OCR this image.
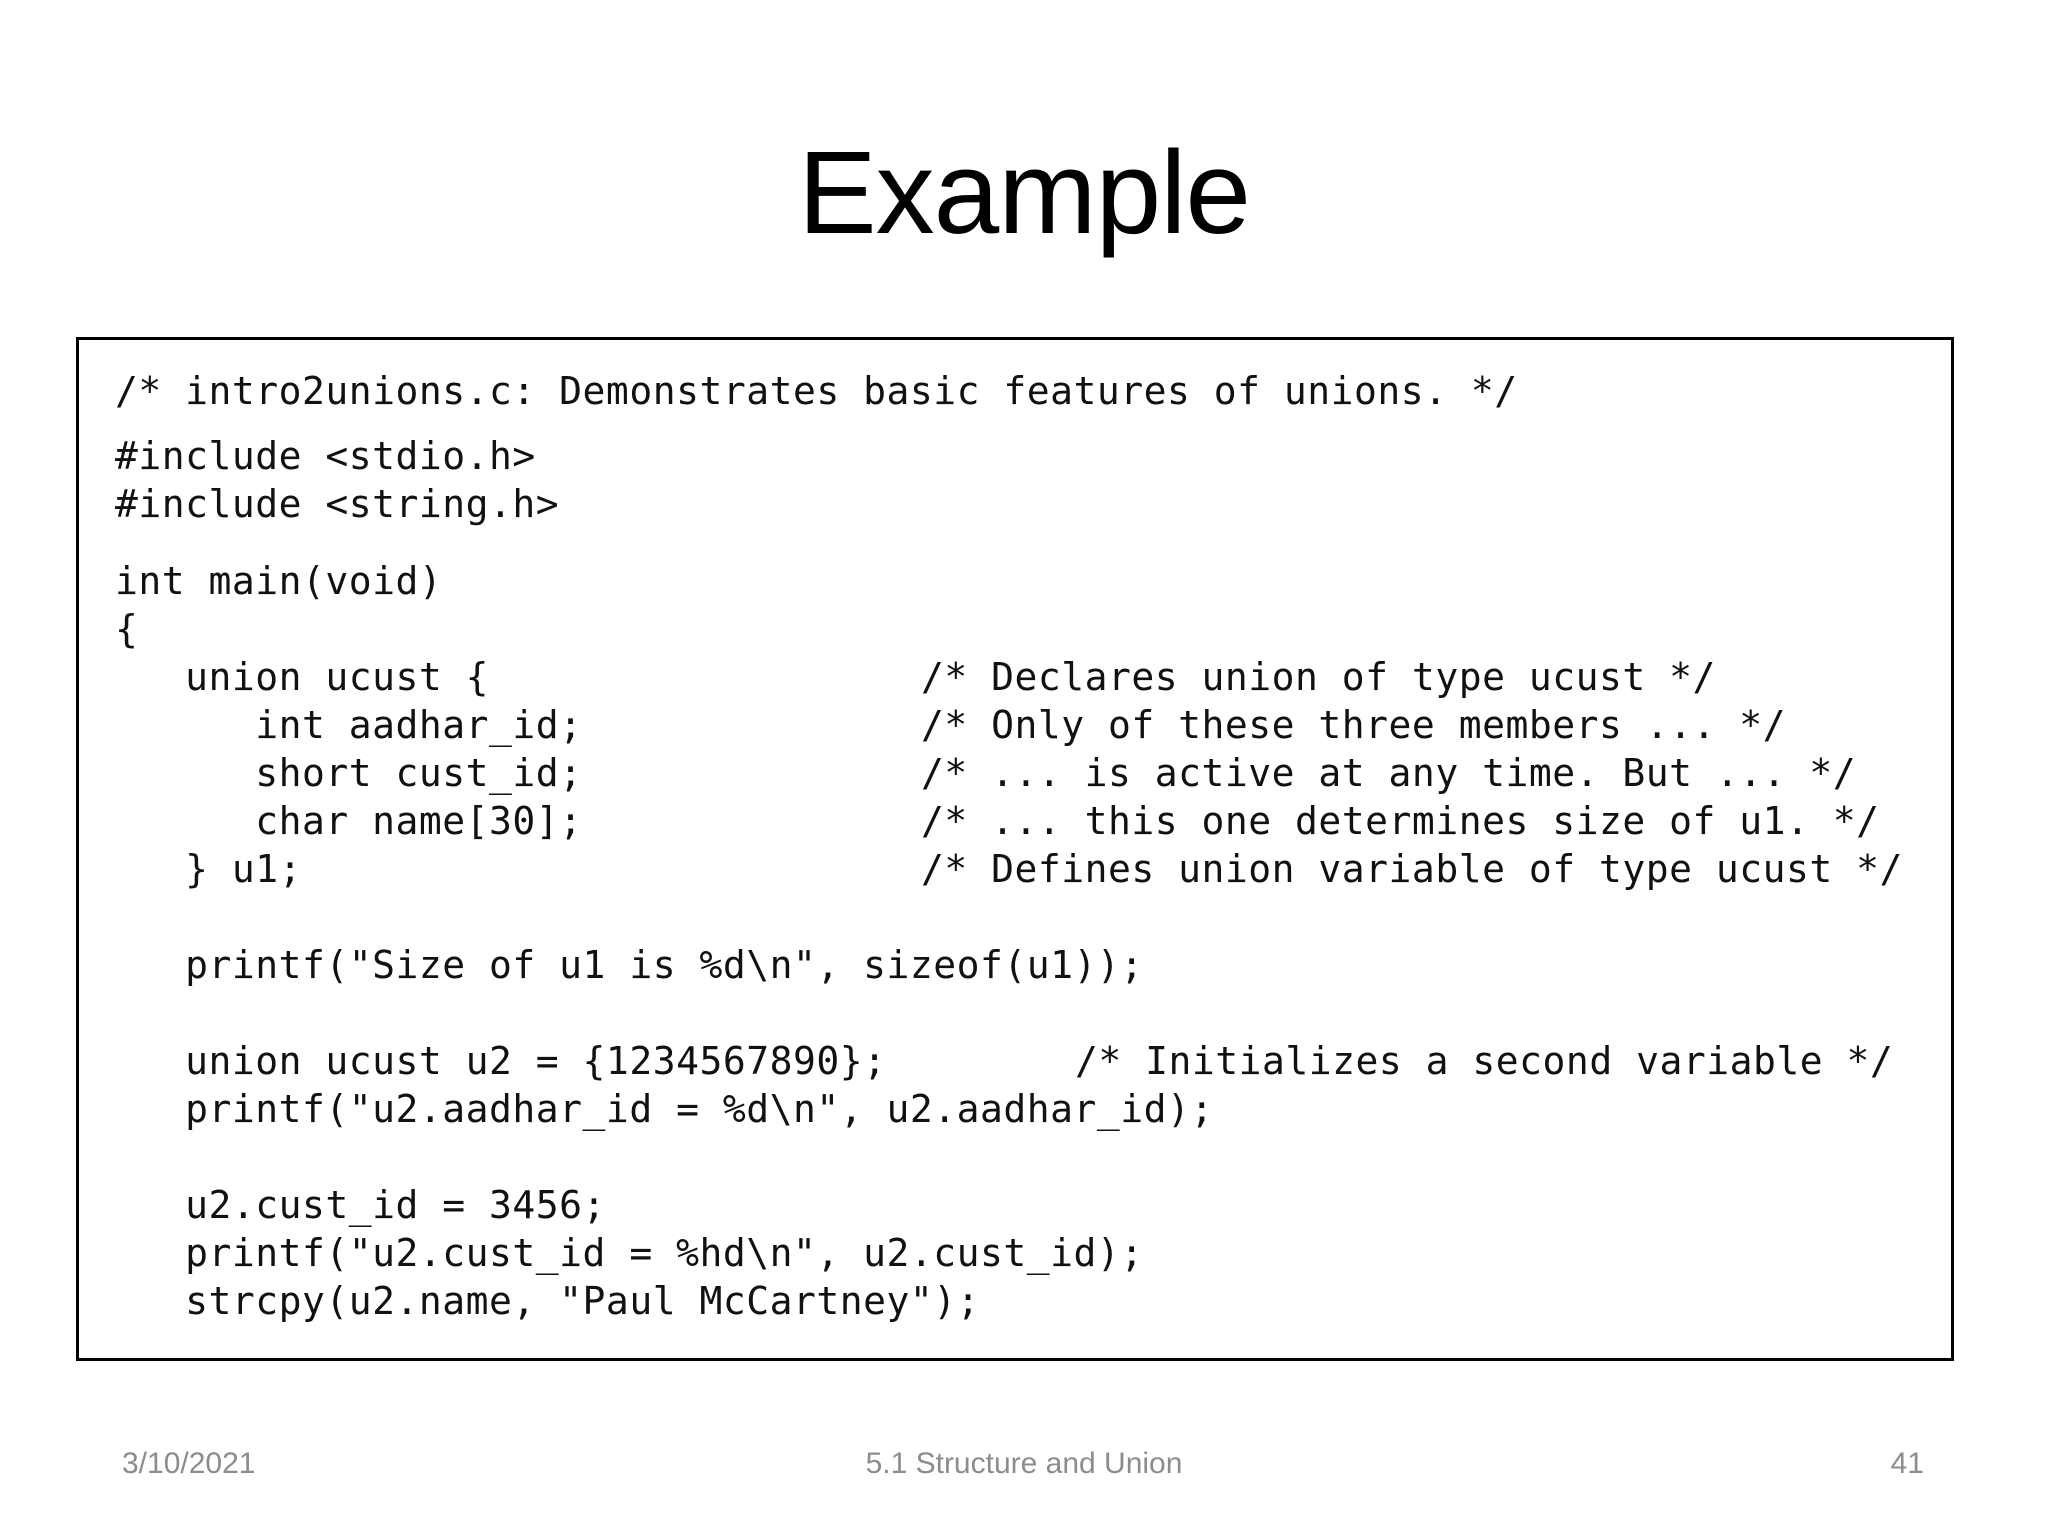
Example
/* intro2unions.c: Demonstrates basic features of unions. */
#include <stdio.h>
#include <string.h>
int main(void)
{
union ucust {
int aadhar_id;
short cust_id;
char name[30];
} u1;
/* Declares union of type ucust */
/* Only of these three members ... */
/* ... is active at any time. But ... */
/* ... this one determines size of u1. */
/* Defines union variable of type ucust */
printf("Size of u1 is %d\n", sizeof(u1));
union ucust u2 = {1234567890};	/* Initializes a second variable */
printf("u2.aadhar_id = %d\n", u2.aadhar_id);
u2.cust_id = 3456;
printf("u2.cust_id = %hd\n", u2.cust_id);
strcpy(u2.name, "Paul McCartney");
3/10/2021	5.1 Structure and Union	41
